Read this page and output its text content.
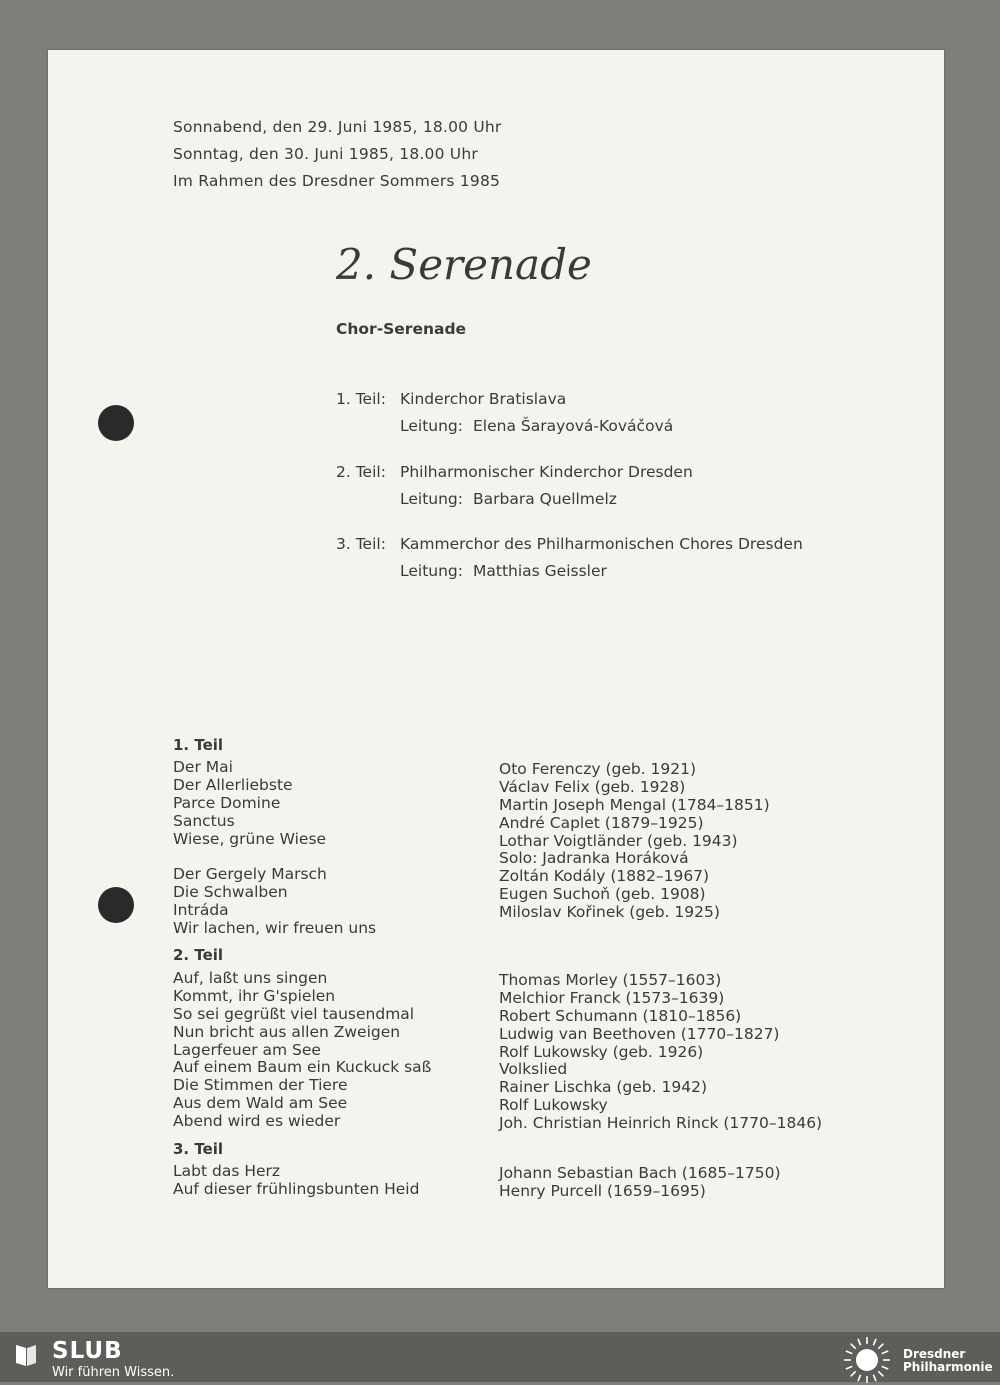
Sonnabend, den 29. Juni 1985, 18.00 Uhr
Sonntag, den 30. Juni 1985, 18.00 Uhr
Im Rahmen des Dresdner Sommers 1985
2. Serenade
Chor-Serenade
1. Teil: Kinderchor Bratislava
Leitung: Elena Šarayová-Kováčová
2. Teil: Philharmonischer Kinderchor Dresden
Leitung: Barbara Quellmelz
3. Teil: Kammerchor des Philharmonischen Chores Dresden
Leitung: Matthias Geissler
1. Teil
Der Mai
Der Allerliebste
Parce Domine
Sanctus
Wiese, grüne Wiese
Der Gergely Marsch
Die Schwalben
Intráda
Wir lachen, wir freuen uns
Oto Ferenczy (geb. 1921)
Václav Felix (geb. 1928)
Martin Joseph Mengal (1784–1851)
André Caplet (1879–1925)
Lothar Voigtländer (geb. 1943)
Solo: Jadranka Horáková
Zoltán Kodály (1882–1967)
Eugen Suchoň (geb. 1908)
Miloslav Kořinek (geb. 1925)
2. Teil
Auf, laßt uns singen
Kommt, ihr G'spielen
So sei gegrüßt viel tausendmal
Nun bricht aus allen Zweigen
Lagerfeuer am See
Auf einem Baum ein Kuckuck saß
Die Stimmen der Tiere
Aus dem Wald am See
Abend wird es wieder
Thomas Morley (1557–1603)
Melchior Franck (1573–1639)
Robert Schumann (1810–1856)
Ludwig van Beethoven (1770–1827)
Rolf Lukowsky (geb. 1926)
Volkslied
Rainer Lischka (geb. 1942)
Rolf Lukowsky
Joh. Christian Heinrich Rinck (1770–1846)
3. Teil
Labt das Herz
Auf dieser frühlingsbunten Heid
Johann Sebastian Bach (1685–1750)
Henry Purcell (1659–1695)
SLUB
Wir führen Wissen.
Dresdner
Philharmonie
